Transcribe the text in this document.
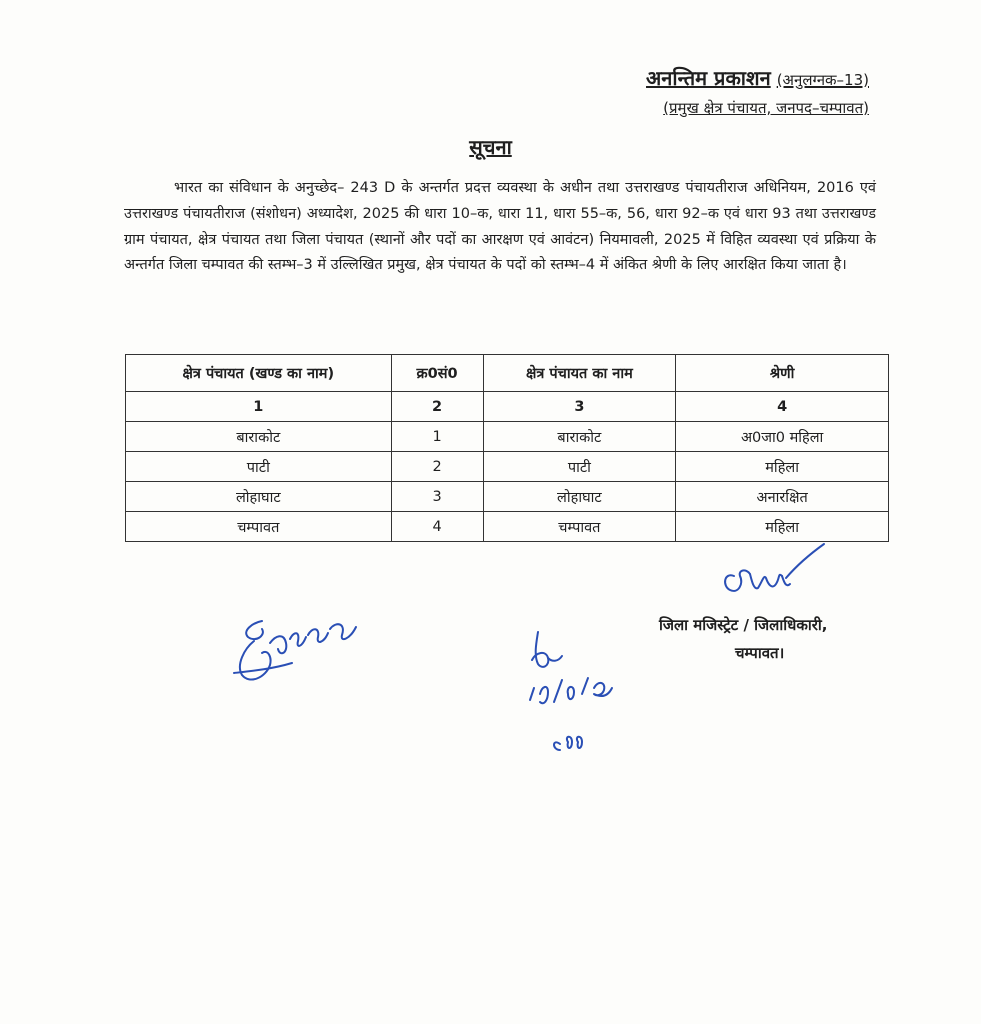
अनन्तिम प्रकाशन (अनुलग्नक–13)
(प्रमुख क्षेत्र पंचायत, जनपद–चम्पावत)
सूचना

भारत का संविधान के अनुच्छेद– 243 D के अन्तर्गत प्रदत्त व्यवस्था के अधीन तथा उत्तराखण्ड पंचायतीराज अधिनियम, 2016 एवं उत्तराखण्ड पंचायतीराज (संशोधन) अध्यादेश, 2025 की धारा 10–क, धारा 11, धारा 55–क, 56, धारा 92–क एवं धारा 93 तथा उत्तराखण्ड ग्राम पंचायत, क्षेत्र पंचायत तथा जिला पंचायत (स्थानों और पदों का आरक्षण एवं आवंटन) नियमावली, 2025 में विहित व्यवस्था एवं प्रक्रिया के अन्तर्गत जिला चम्पावत की स्तम्भ–3 में उल्लिखित प्रमुख, क्षेत्र पंचायत के पदों को स्तम्भ–4 में अंकित श्रेणी के लिए आरक्षित किया जाता है।

क्षेत्र पंचायत (खण्ड का नाम)	क्र0सं0	क्षेत्र पंचायत का नाम	श्रेणी
1	2	3	4
बाराकोट	1	बाराकोट	अ0जा0 महिला
पाटी	2	पाटी	महिला
लोहाघाट	3	लोहाघाट	अनारक्षित
चम्पावत	4	चम्पावत	महिला
जिला मजिस्ट्रेट / जिलाधिकारी,
चम्पावत।
